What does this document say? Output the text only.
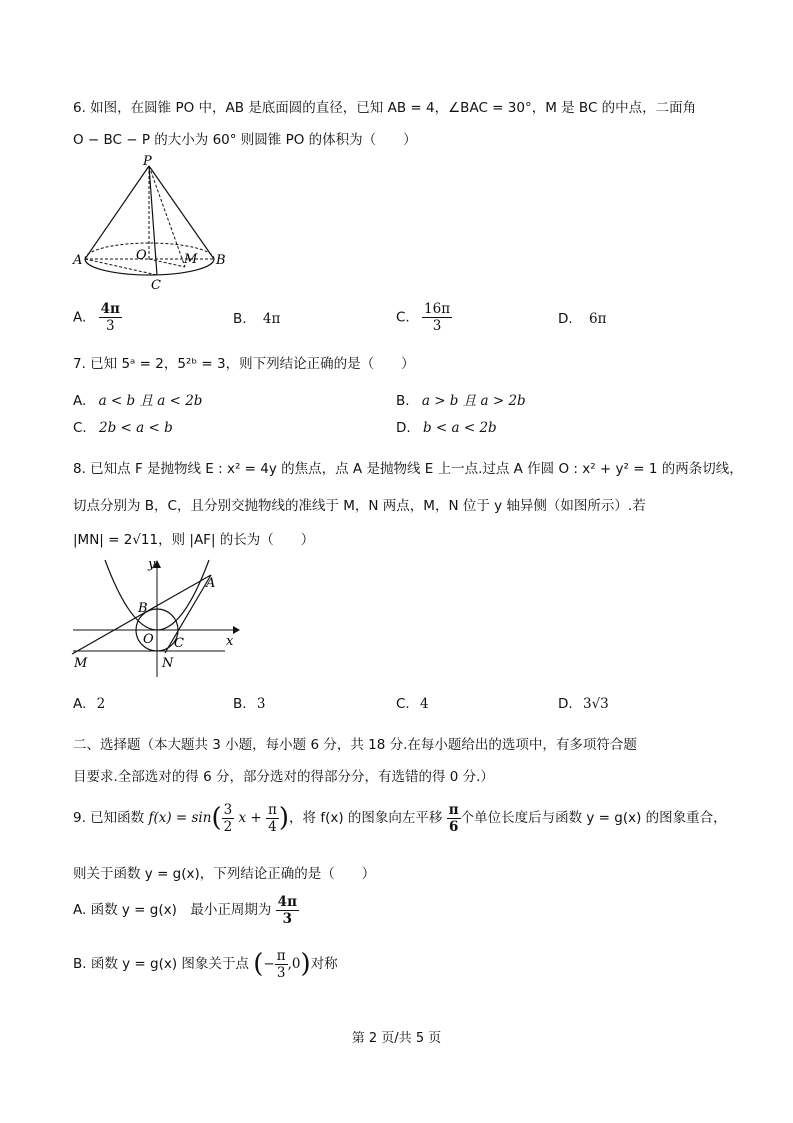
6. 如图，在圆锥 PO 中，AB 是底面圆的直径，已知 AB = 4，∠BAC = 30°，M 是 BC 的中点，二面角
O − BC − P 的大小为 60° 则圆锥 PO 的体积为（　　）
P
A	B
O	M
C
A. $\frac{4\pi}{3}$	B. 4π	C. $\frac{16\pi}{3}$	D. 6π
7. 已知 5ᵃ = 2，5²ᵇ = 3，则下列结论正确的是（　　）
A. a < b 且 a < 2b	B. a > b 且 a > 2b
C. 2b < a < b	D. b < a < 2b
8. 已知点 F 是抛物线 E : x² = 4y 的焦点，点 A 是抛物线 E 上一点.过点 A 作圆 O : x² + y² = 1 的两条切线，
切点分别为 B，C，且分别交抛物线的准线于 M，N 两点，M，N 位于 y 轴异侧（如图所示）.若
|MN| = 2√11，则 |AF| 的长为（　　）
y
x
A
B
O C
M	N
A. 2	B. 3	C. 4	D. 3√3
二、选择题（本大题共 3 小题，每小题 6 分，共 18 分.在每小题给出的选项中，有多项符合题
目要求.全部选对的得 6 分，部分选对的得部分分，有选错的得 0 分.）
9. 已知函数 $f(x) = \sin( \frac{3}{2}$ $x + \frac{\pi}{4}$ )，将 f(x) 的图象向左平移 $\frac{\pi}{6}$ 个单位长度后与函数 y = g(x) 的图象重合，
则关于函数 y = g(x)，下列结论正确的是（　　）
A. 函数 y = g(x)　最小正周期为 $\frac{4\pi}{3}$
B. 函数 y = g(x) 图象关于点 (− $\frac{\pi}{3} ,0$)对称
第 2 页/共 5 页
